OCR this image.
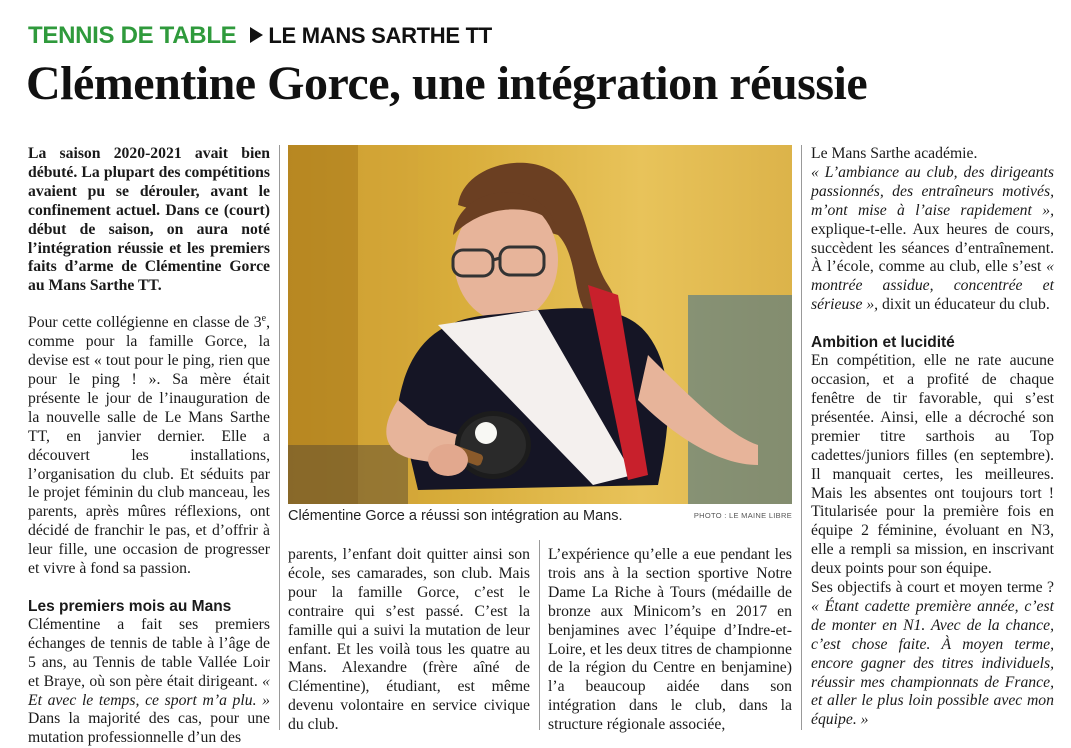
TENNIS DE TABLE LE MANS SARTHE TT
Clémentine Gorce, une intégration réussie

La saison 2020-2021 avait bien débuté. La plupart des compétitions avaient pu se dérouler, avant le confinement actuel. Dans ce (court) début de saison, on aura noté l’intégration réussie et les premiers faits d’arme de Clémentine Gorce au Mans Sarthe TT.

Pour cette collégienne en classe de 3e, comme pour la famille Gorce, la devise est « tout pour le ping, rien que pour le ping ! ». Sa mère était présente le jour de l’inauguration de la nouvelle salle de Le Mans Sarthe TT, en janvier dernier. Elle a découvert les installations, l’organisation du club. Et séduits par le projet féminin du club manceau, les parents, après mûres réflexions, ont décidé de franchir le pas, et d’offrir à leur fille, une occasion de progresser et vivre à fond sa passion.

Les premiers mois au Mans

Clémentine a fait ses premiers échanges de tennis de table à l’âge de 5 ans, au Tennis de table Vallée Loir et Braye, où son père était dirigeant. « Et avec le temps, ce sport m’a plu. » Dans la majorité des cas, pour une mutation professionnelle d’un des

Clémentine Gorce a réussi son intégration au Mans.	PHOTO : LE MAINE LIBRE

parents, l’enfant doit quitter ainsi son école, ses camarades, son club. Mais pour la famille Gorce, c’est le contraire qui s’est passé. C’est la famille qui a suivi la mutation de leur enfant. Et les voilà tous les quatre au Mans. Alexandre (frère aîné de Clémentine), étudiant, est même devenu volontaire en service civique du club.

L’expérience qu’elle a eue pendant les trois ans à la section sportive Notre Dame La Riche à Tours (médaille de bronze aux Minicom’s en 2017 en benjamines avec l’équipe d’Indre-et-Loire, et les deux titres de championne de la région du Centre en benjamine) l’a beaucoup aidée dans son intégration dans le club, dans la structure régionale associée,

Le Mans Sarthe académie.
« L’ambiance au club, des dirigeants passionnés, des entraîneurs motivés, m’ont mise à l’aise rapidement », explique-t-elle. Aux heures de cours, succèdent les séances d’entraînement. À l’école, comme au club, elle s’est « montrée assidue, concentrée et sérieuse », dixit un éducateur du club.

Ambition et lucidité

En compétition, elle ne rate aucune occasion, et a profité de chaque fenêtre de tir favorable, qui s’est présentée. Ainsi, elle a décroché son premier titre sarthois au Top cadettes/juniors filles (en septembre). Il manquait certes, les meilleures. Mais les absentes ont toujours tort ! Titularisée pour la première fois en équipe 2 féminine, évoluant en N3, elle a rempli sa mission, en inscrivant deux points pour son équipe.

Ses objectifs à court et moyen terme ? « Étant cadette première année, c’est de monter en N1. Avec de la chance, c’est chose faite. À moyen terme, encore gagner des titres individuels, réussir mes championnats de France, et aller le plus loin possible avec mon équipe. »
